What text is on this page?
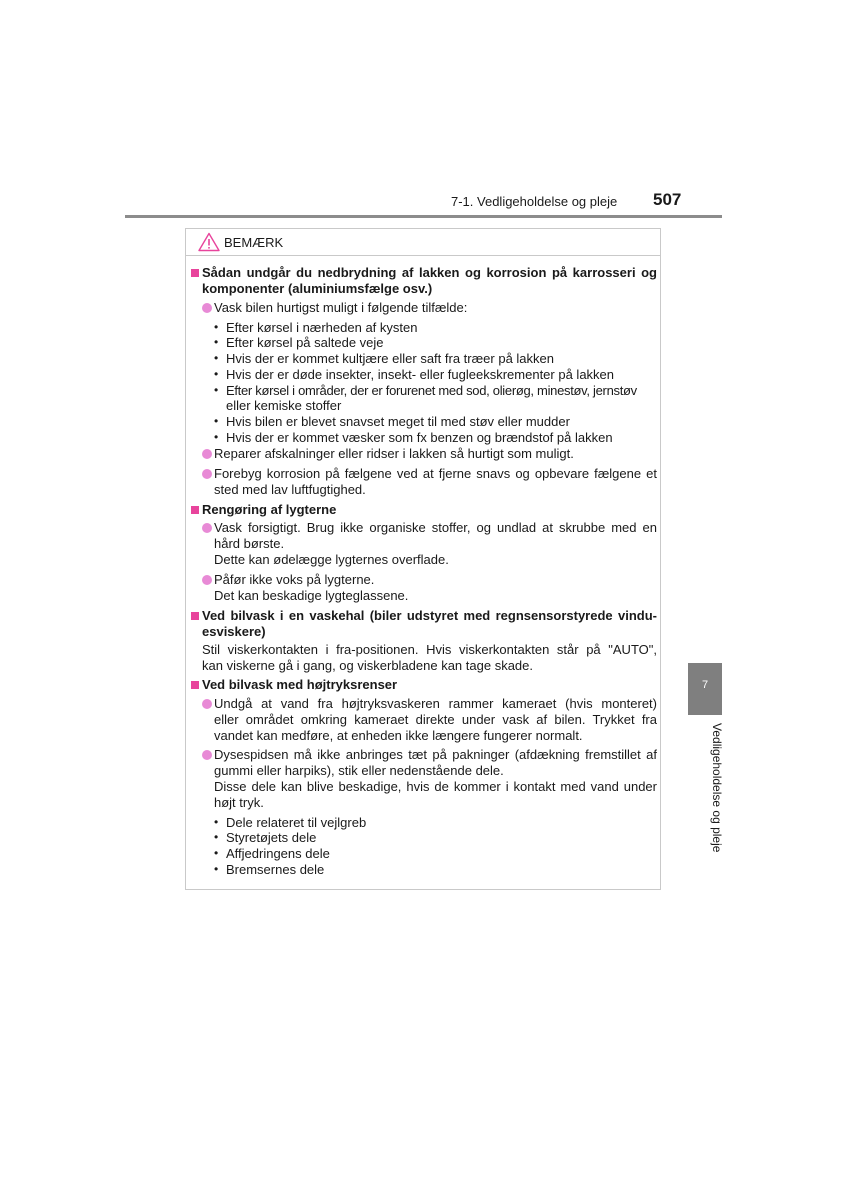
7-1. Vedligeholdelse og pleje 507
7
Vedligeholdelse og pleje
BEMÆRK
Sådan undgår du nedbrydning af lakken og korrosion på karrosseri og
komponenter (aluminiumsfælge osv.)
Vask bilen hurtigst muligt i følgende tilfælde:
• Efter kørsel i nærheden af kysten
• Efter kørsel på saltede veje
• Hvis der er kommet kultjære eller saft fra træer på lakken
• Hvis der er døde insekter, insekt- eller fugleekskrementer på lakken
• Efter kørsel i områder, der er forurenet med sod, olierøg, minestøv, jernstøv
eller kemiske stoffer
• Hvis bilen er blevet snavset meget til med støv eller mudder
• Hvis der er kommet væsker som fx benzen og brændstof på lakken
Reparer afskalninger eller ridser i lakken så hurtigt som muligt.
Forebyg korrosion på fælgene ved at fjerne snavs og opbevare fælgene et
sted med lav luftfugtighed.
Rengøring af lygterne
Vask forsigtigt. Brug ikke organiske stoffer, og undlad at skrubbe med en
hård børste.
Dette kan ødelægge lygternes overflade.
Påfør ikke voks på lygterne.
Det kan beskadige lygteglassene.
Ved bilvask i en vaskehal (biler udstyret med regnsensorstyrede vindu-
esviskere)
Stil viskerkontakten i fra-positionen. Hvis viskerkontakten står på "AUTO",
kan viskerne gå i gang, og viskerbladene kan tage skade.
Ved bilvask med højtryksrenser
Undgå at vand fra højtryksvaskeren rammer kameraet (hvis monteret)
eller området omkring kameraet direkte under vask af bilen. Trykket fra
vandet kan medføre, at enheden ikke længere fungerer normalt.
Dysespidsen må ikke anbringes tæt på pakninger (afdækning fremstillet af
gummi eller harpiks), stik eller nedenstående dele.
Disse dele kan blive beskadige, hvis de kommer i kontakt med vand under
højt tryk.
• Dele relateret til vejlgreb
• Styretøjets dele
• Affjedringens dele
• Bremsernes dele
